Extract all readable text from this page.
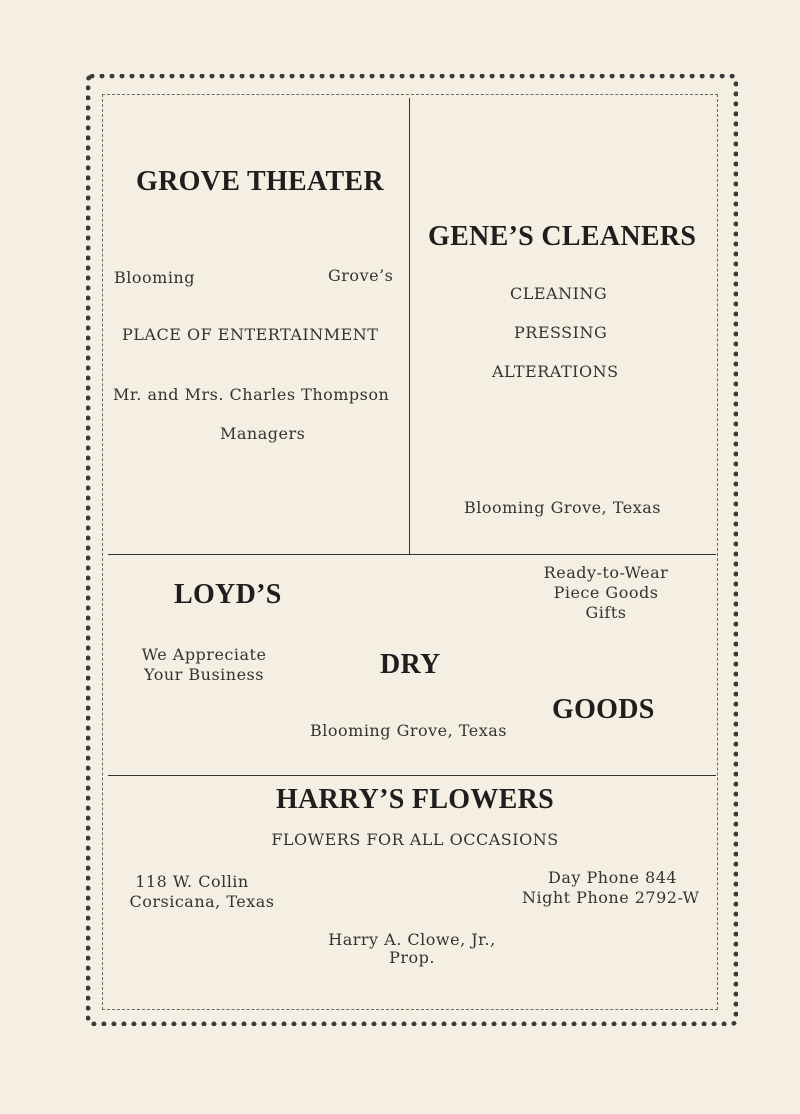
GROVE THEATER
Blooming	Grove’s
PLACE OF ENTERTAINMENT
Mr. and Mrs. Charles Thompson
Managers
GENE’S CLEANERS
CLEANING
PRESSING
ALTERATIONS
Blooming Grove, Texas
LOYD’S
Ready-to-Wear
Piece Goods
Gifts
We Appreciate
Your Business	DRY
GOODS
Blooming Grove, Texas
HARRY’S FLOWERS
FLOWERS FOR ALL OCCASIONS
118 W. Collin
Corsicana, Texas
Day Phone 844
Night Phone 2792-W
Harry A. Clowe, Jr.,
Prop.
